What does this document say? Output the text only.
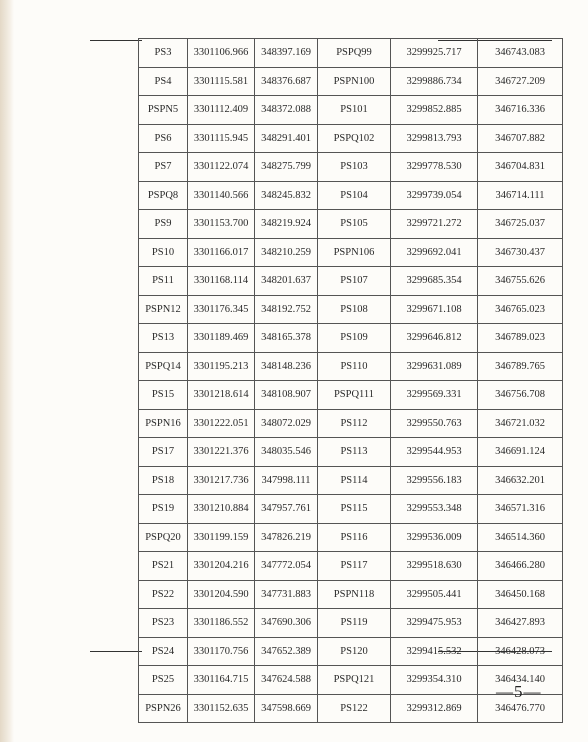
PS3	3301106.966	348397.169	PSPQ99	3299925.717	346743.083
PS4	3301115.581	348376.687	PSPN100	3299886.734	346727.209
PSPN5	3301112.409	348372.088	PS101	3299852.885	346716.336
PS6	3301115.945	348291.401	PSPQ102	3299813.793	346707.882
PS7	3301122.074	348275.799	PS103	3299778.530	346704.831
PSPQ8	3301140.566	348245.832	PS104	3299739.054	346714.111
PS9	3301153.700	348219.924	PS105	3299721.272	346725.037
PS10	3301166.017	348210.259	PSPN106	3299692.041	346730.437
PS11	3301168.114	348201.637	PS107	3299685.354	346755.626
PSPN12	3301176.345	348192.752	PS108	3299671.108	346765.023
PS13	3301189.469	348165.378	PS109	3299646.812	346789.023
PSPQ14	3301195.213	348148.236	PS110	3299631.089	346789.765
PS15	3301218.614	348108.907	PSPQ111	3299569.331	346756.708
PSPN16	3301222.051	348072.029	PS112	3299550.763	346721.032
PS17	3301221.376	348035.546	PS113	3299544.953	346691.124
PS18	3301217.736	347998.111	PS114	3299556.183	346632.201
PS19	3301210.884	347957.761	PS115	3299553.348	346571.316
PSPQ20	3301199.159	347826.219	PS116	3299536.009	346514.360
PS21	3301204.216	347772.054	PS117	3299518.630	346466.280
PS22	3301204.590	347731.883	PSPN118	3299505.441	346450.168
PS23	3301186.552	347690.306	PS119	3299475.953	346427.893
PS24	3301170.756	347652.389	PS120	3299415.532	346428.073
PS25	3301164.715	347624.588	PSPQ121	3299354.310	346434.140
PSPN26	3301152.635	347598.669	PS122	3299312.869	346476.770
—5—
